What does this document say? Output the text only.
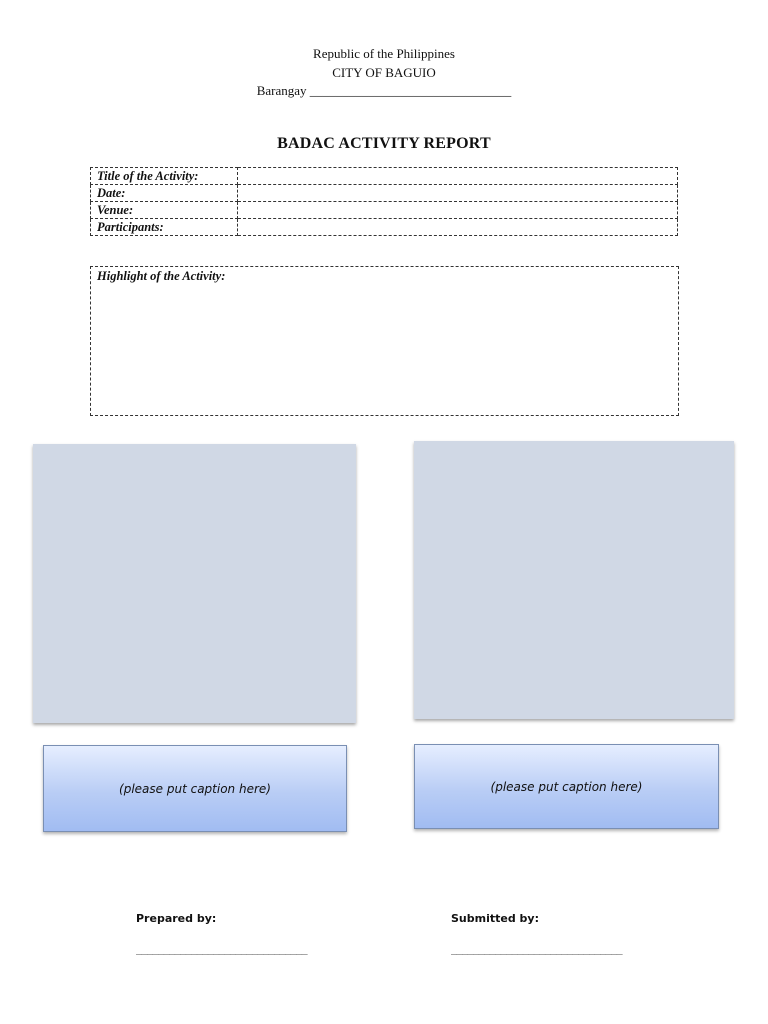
Republic of the Philippines
CITY OF BAGUIO
Barangay _______________________________
BADAC ACTIVITY REPORT
Title of the Activity:	
Date:	
Venue:	
Participants:	
Highlight of the Activity:
(please put caption here)	(please put caption here)
Prepared by:
_______________________________
Submitted by:
_______________________________
